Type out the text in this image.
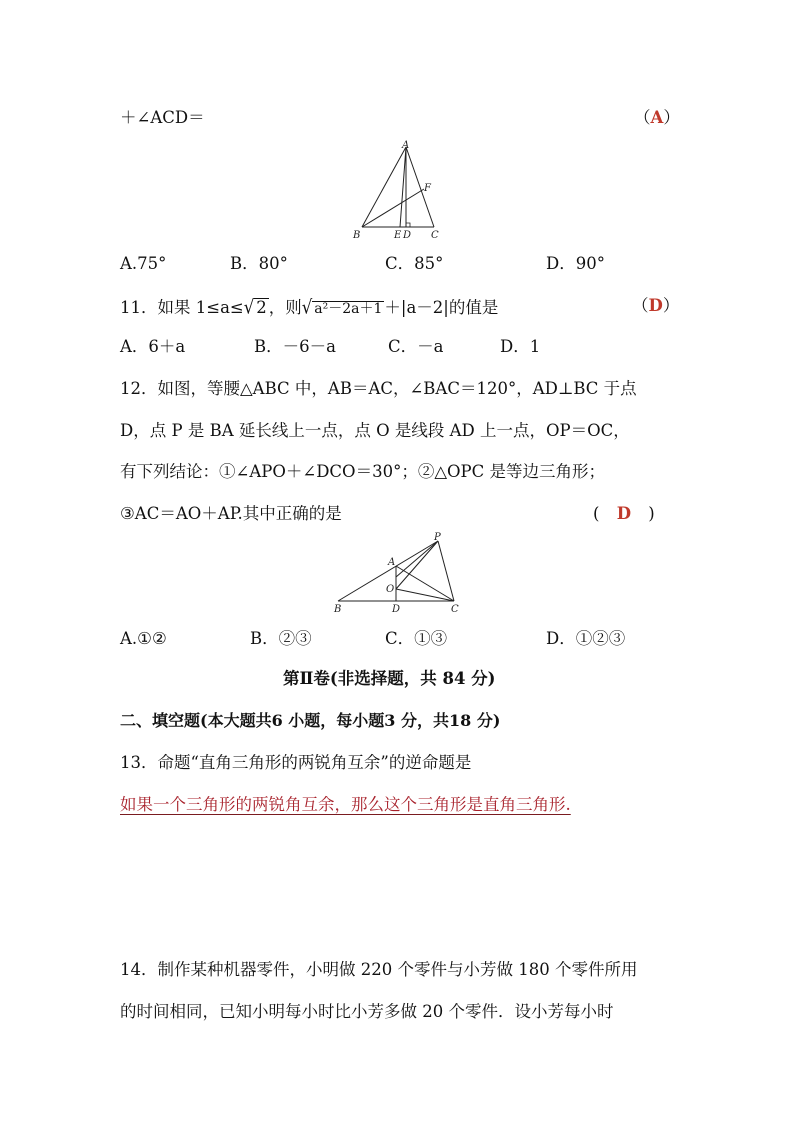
＋∠ACD＝	（A）
A
B	C
E D
F
A.75°	B．80°	C．85°	D．90°
11．如果 1≤a≤√ 2 ，则√ a²－2a＋1 ＋|a－2|的值是	（D）
A．6＋a	B．－6－a	C．－a	D．1
12．如图，等腰△ABC 中，AB＝AC，∠BAC＝120°，AD⊥BC 于点
D，点 P 是 BA 延长线上一点，点 O 是线段 AD 上一点，OP＝OC，
有下列结论：①∠APO＋∠DCO＝30°；②△OPC 是等边三角形；
③AC＝AO＋AP.其中正确的是	( D )
P
A
O
B	D	C
A.①②	B．②③	C．①③	D．①②③
第Ⅱ卷(非选择题，共 84 分)
二、填空题(本大题共6 小题，每小题3 分，共18 分)
13．命题“直角三角形的两锐角互余”的逆命题是
如果一个三角形的两锐角互余，那么这个三角形是直角三角形.
14．制作某种机器零件，小明做 220 个零件与小芳做 180 个零件所用
的时间相同，已知小明每小时比小芳多做 20 个零件．设小芳每小时
